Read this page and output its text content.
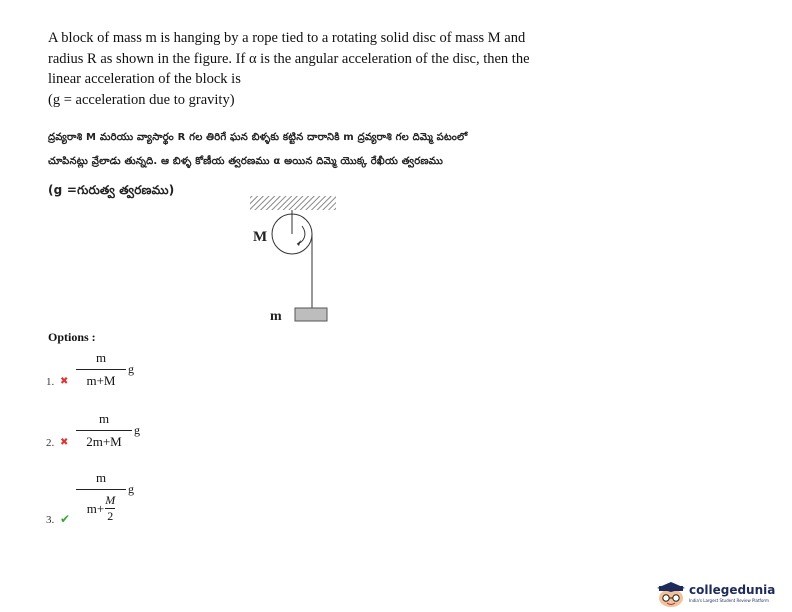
A block of mass m is hanging by a rope tied to a rotating solid disc of mass M and

radius R as shown in the figure. If α is the angular acceleration of the disc, then the

linear acceleration of the block is

(g = acceleration due to gravity)

ద్రవ్యరాశి M మరియు వ్యాసార్థం R గల తిరిగే ఘన బిళ్ళకు కట్టిన దారానికి m ద్రవ్యరాశి గల దిమ్మె పటంలో
చూపినట్లు వ్రేలాడు తున్నది. ఆ బిళ్ళ కోణీయ త్వరణము α అయిన దిమ్మె యొక్క రేఖీయ త్వరణము
(g =గురుత్వ త్వరణము)
M
m
Options :
1. ✖
m
m+M
g
2. ✖
m
2m+M
g
3. ✔
m
$m+ \frac{M}{2}$
g
collegedunia
India's Largest Student Review Platform
